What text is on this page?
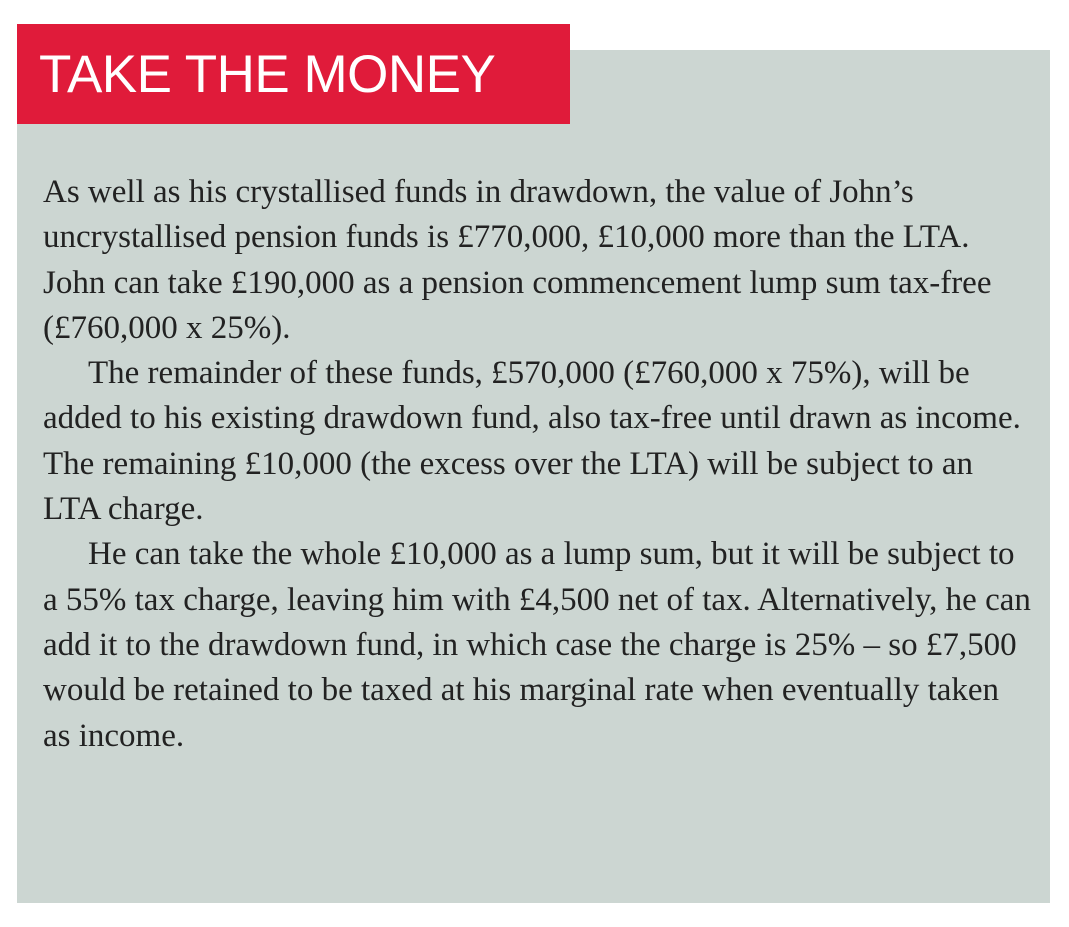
TAKE THE MONEY

As well as his crystallised funds in drawdown, the value of John’s uncrystallised pension funds is £770,000, £10,000 more than the LTA. John can take £190,000 as a pension commencement lump sum tax-free (£760,000 x 25%).

The remainder of these funds, £570,000 (£760,000 x 75%), will be added to his existing drawdown fund, also tax-free until drawn as income. The remaining £10,000 (the excess over the LTA) will be subject to an LTA charge.

He can take the whole £10,000 as a lump sum, but it will be subject to a 55% tax charge, leaving him with £4,500 net of tax. Alternatively, he can add it to the drawdown fund, in which case the charge is 25% – so £7,500 would be retained to be taxed at his marginal rate when eventually taken as income.
